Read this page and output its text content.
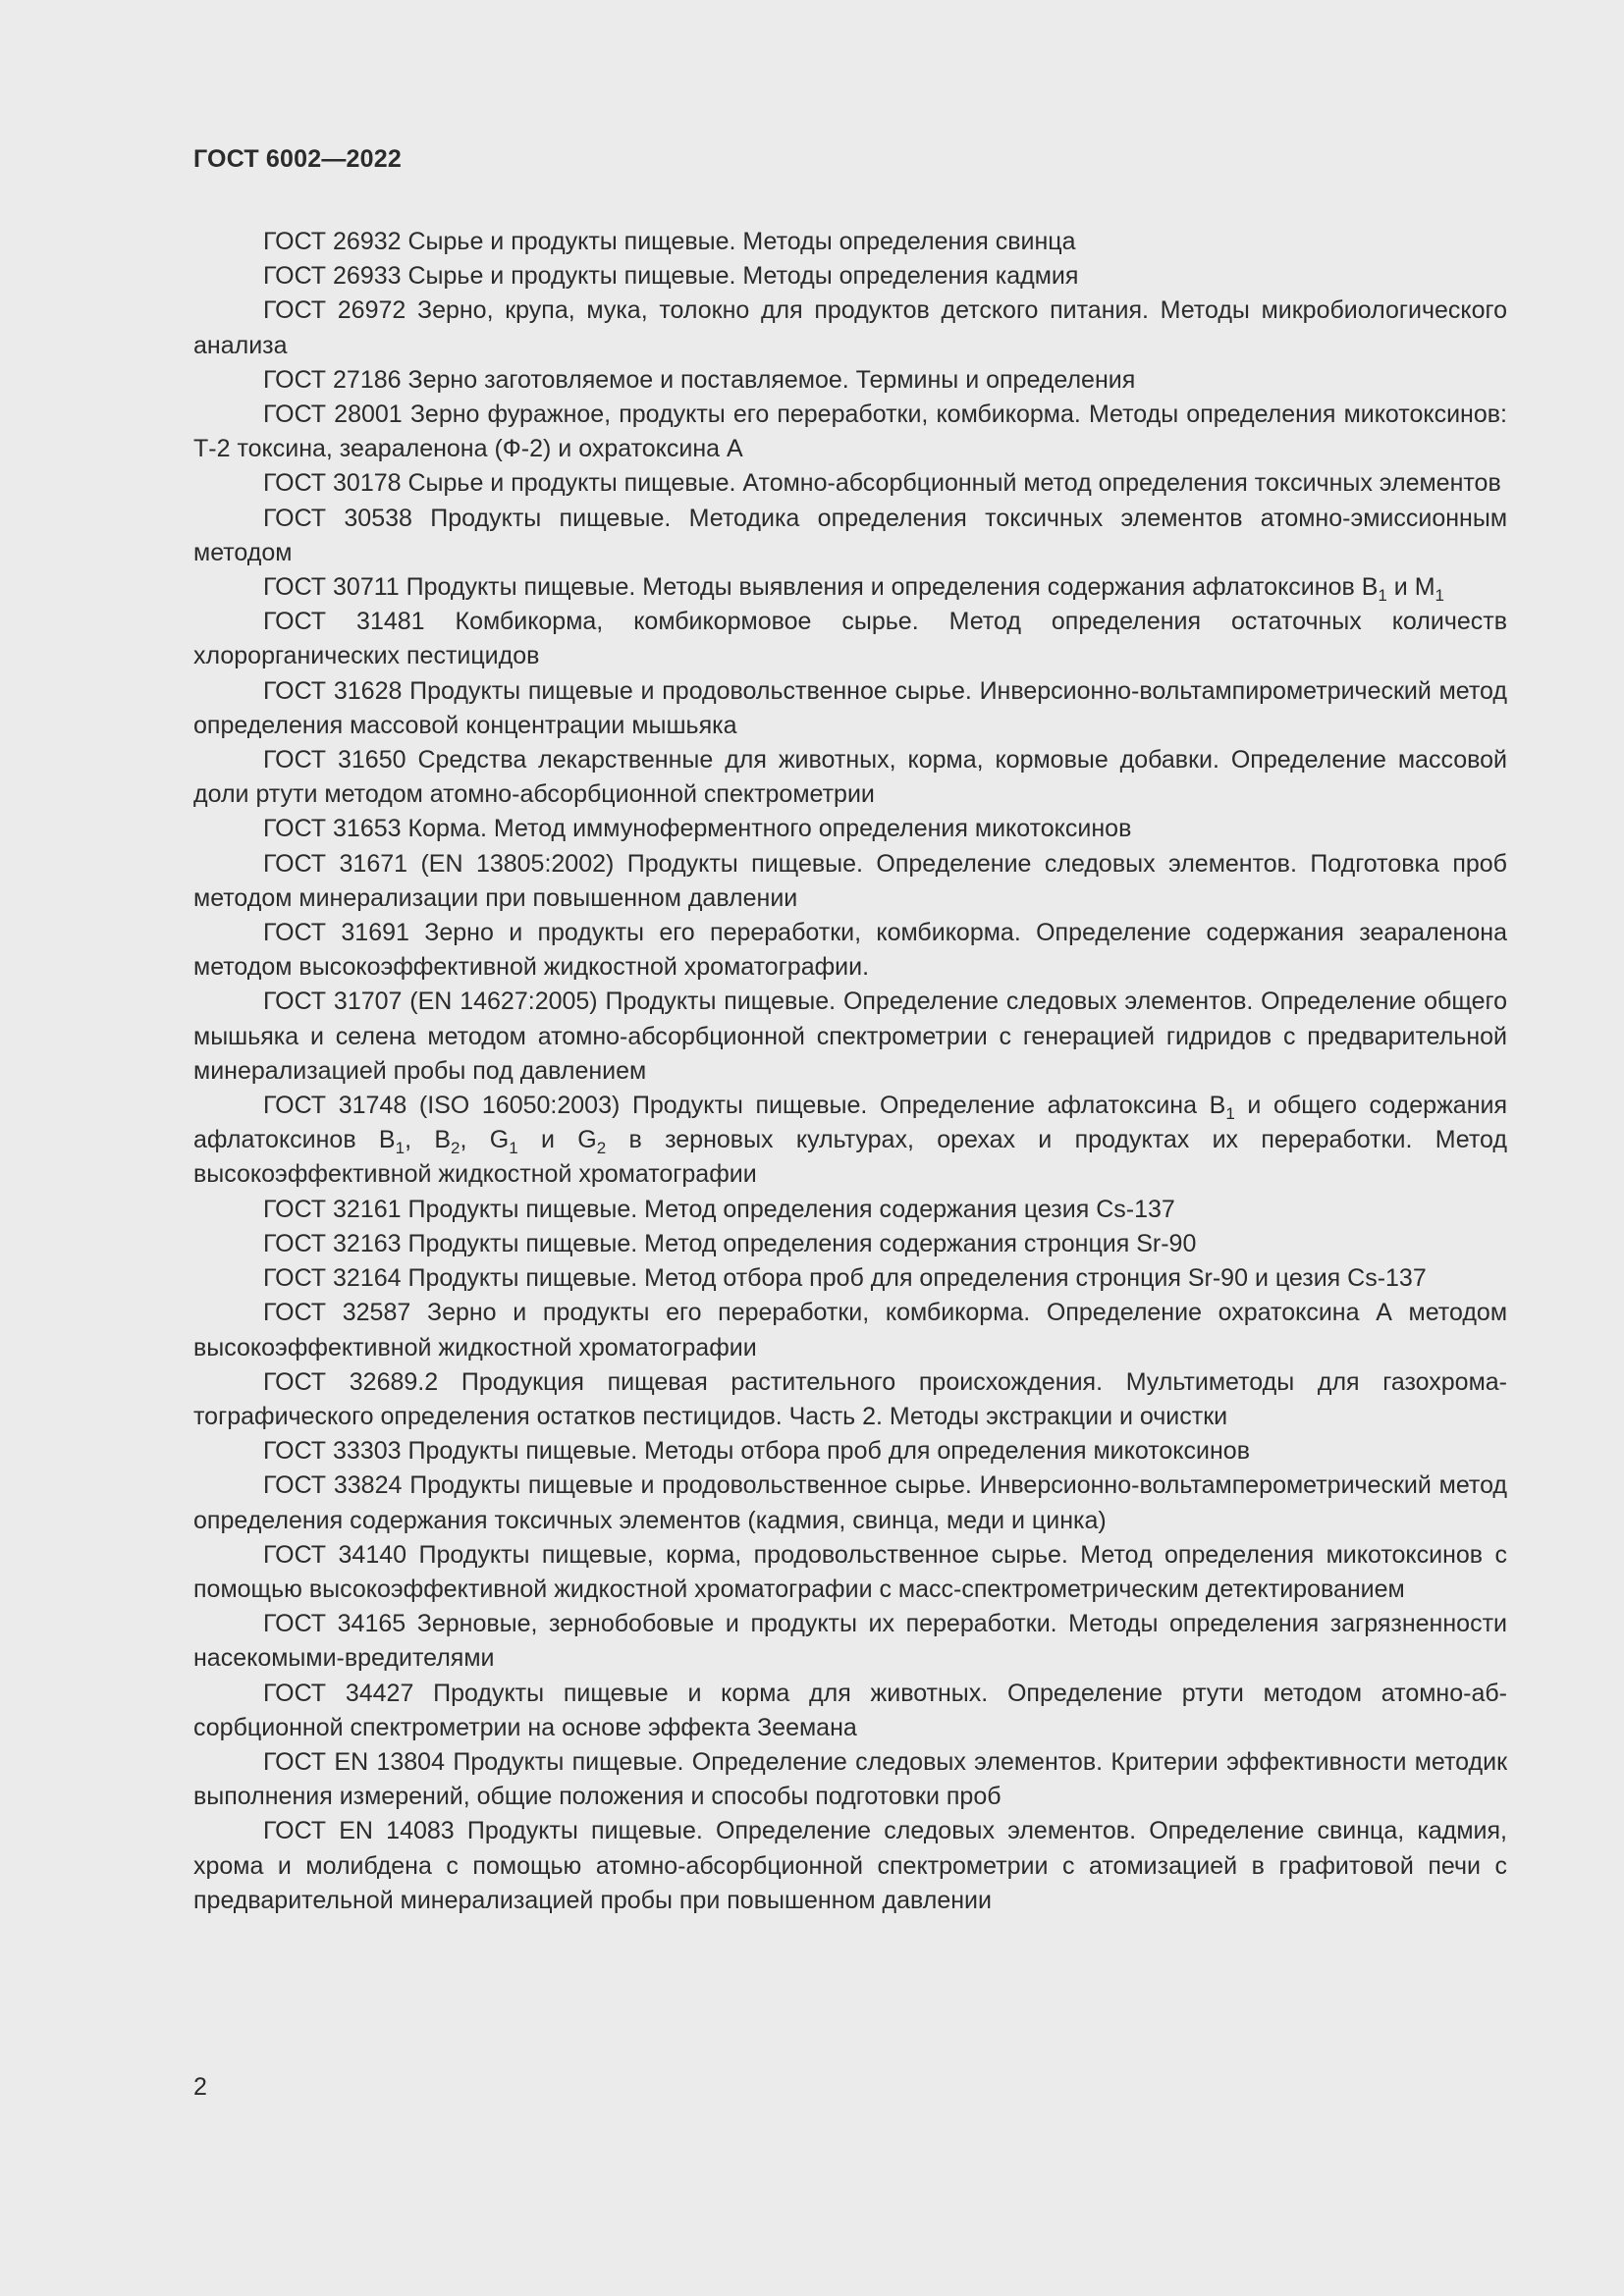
ГОСТ 6002—2022

ГОСТ 26932 Сырье и продукты пищевые. Методы определения свинца

ГОСТ 26933 Сырье и продукты пищевые. Методы определения кадмия

ГОСТ 26972 Зерно, крупа, мука, толокно для продуктов детского питания. Методы микробиологического анализа

ГОСТ 27186 Зерно заготовляемое и поставляемое. Термины и определения

ГОСТ 28001 Зерно фуражное, продукты его переработки, комбикорма. Методы определения микотоксинов: Т-2 токсина, зеараленона (Ф-2) и охратоксина А

ГОСТ 30178 Сырье и продукты пищевые. Атомно-абсорбционный метод определения токсичных элементов

ГОСТ 30538 Продукты пищевые. Методика определения токсичных элементов атомно-эмиссионным методом

ГОСТ 30711 Продукты пищевые. Методы выявления и определения содержания афлатоксинов $В_1$ и $М_1$

ГОСТ 31481 Комбикорма, комбикормовое сырье. Метод определения остаточных количеств хлорорганических пестицидов

ГОСТ 31628 Продукты пищевые и продовольственное сырье. Инверсионно-вольтампирометрический метод определения массовой концентрации мышьяка

ГОСТ 31650 Средства лекарственные для животных, корма, кормовые добавки. Определение массовой доли ртути методом атомно-абсорбционной спектрометрии

ГОСТ 31653 Корма. Метод иммуноферментного определения микотоксинов

ГОСТ 31671 (EN 13805:2002) Продукты пищевые. Определение следовых элементов. Подготовка проб методом минерализации при повышенном давлении

ГОСТ 31691 Зерно и продукты его переработки, комбикорма. Определение содержания зеараленона методом высокоэффективной жидкостной хроматографии.

ГОСТ 31707 (EN 14627:2005) Продукты пищевые. Определение следовых элементов. Определение общего мышьяка и селена методом атомно-абсорбционной спектрометрии с генерацией гидридов с предварительной минерализацией пробы под давлением

ГОСТ 31748 (ISO 16050:2003) Продукты пищевые. Определение афлатоксина $В_1$ и общего содержания афлатоксинов $В_1$, $В_2$, $G_1$ и $G_2$ в зерновых культурах, орехах и продуктах их переработки. Метод высокоэффективной жидкостной хроматографии

ГОСТ 32161 Продукты пищевые. Метод определения содержания цезия Cs-137

ГОСТ 32163 Продукты пищевые. Метод определения содержания стронция Sr-90

ГОСТ 32164 Продукты пищевые. Метод отбора проб для определения стронция Sr-90 и цезия Cs-137

ГОСТ 32587 Зерно и продукты его переработки, комбикорма. Определение охратоксина А методом высокоэффективной жидкостной хроматографии

ГОСТ 32689.2 Продукция пищевая растительного происхождения. Мультиметоды для газохроматографического определения остатков пестицидов. Часть 2. Методы экстракции и очистки

ГОСТ 33303 Продукты пищевые. Методы отбора проб для определения микотоксинов

ГОСТ 33824 Продукты пищевые и продовольственное сырье. Инверсионно-вольтамперометрический метод определения содержания токсичных элементов (кадмия, свинца, меди и цинка)

ГОСТ 34140 Продукты пищевые, корма, продовольственное сырье. Метод определения микотоксинов с помощью высокоэффективной жидкостной хроматографии с масс-спектрометрическим детектированием

ГОСТ 34165 Зерновые, зернобобовые и продукты их переработки. Методы определения загрязненности насекомыми-вредителями

ГОСТ 34427 Продукты пищевые и корма для животных. Определение ртути методом атомно-абсорбционной спектрометрии на основе эффекта Зеемана

ГОСТ EN 13804 Продукты пищевые. Определение следовых элементов. Критерии эффективности методик выполнения измерений, общие положения и способы подготовки проб

ГОСТ EN 14083 Продукты пищевые. Определение следовых элементов. Определение свинца, кадмия, хрома и молибдена с помощью атомно-абсорбционной спектрометрии с атомизацией в графитовой печи с предварительной минерализацией пробы при повышенном давлении

2
